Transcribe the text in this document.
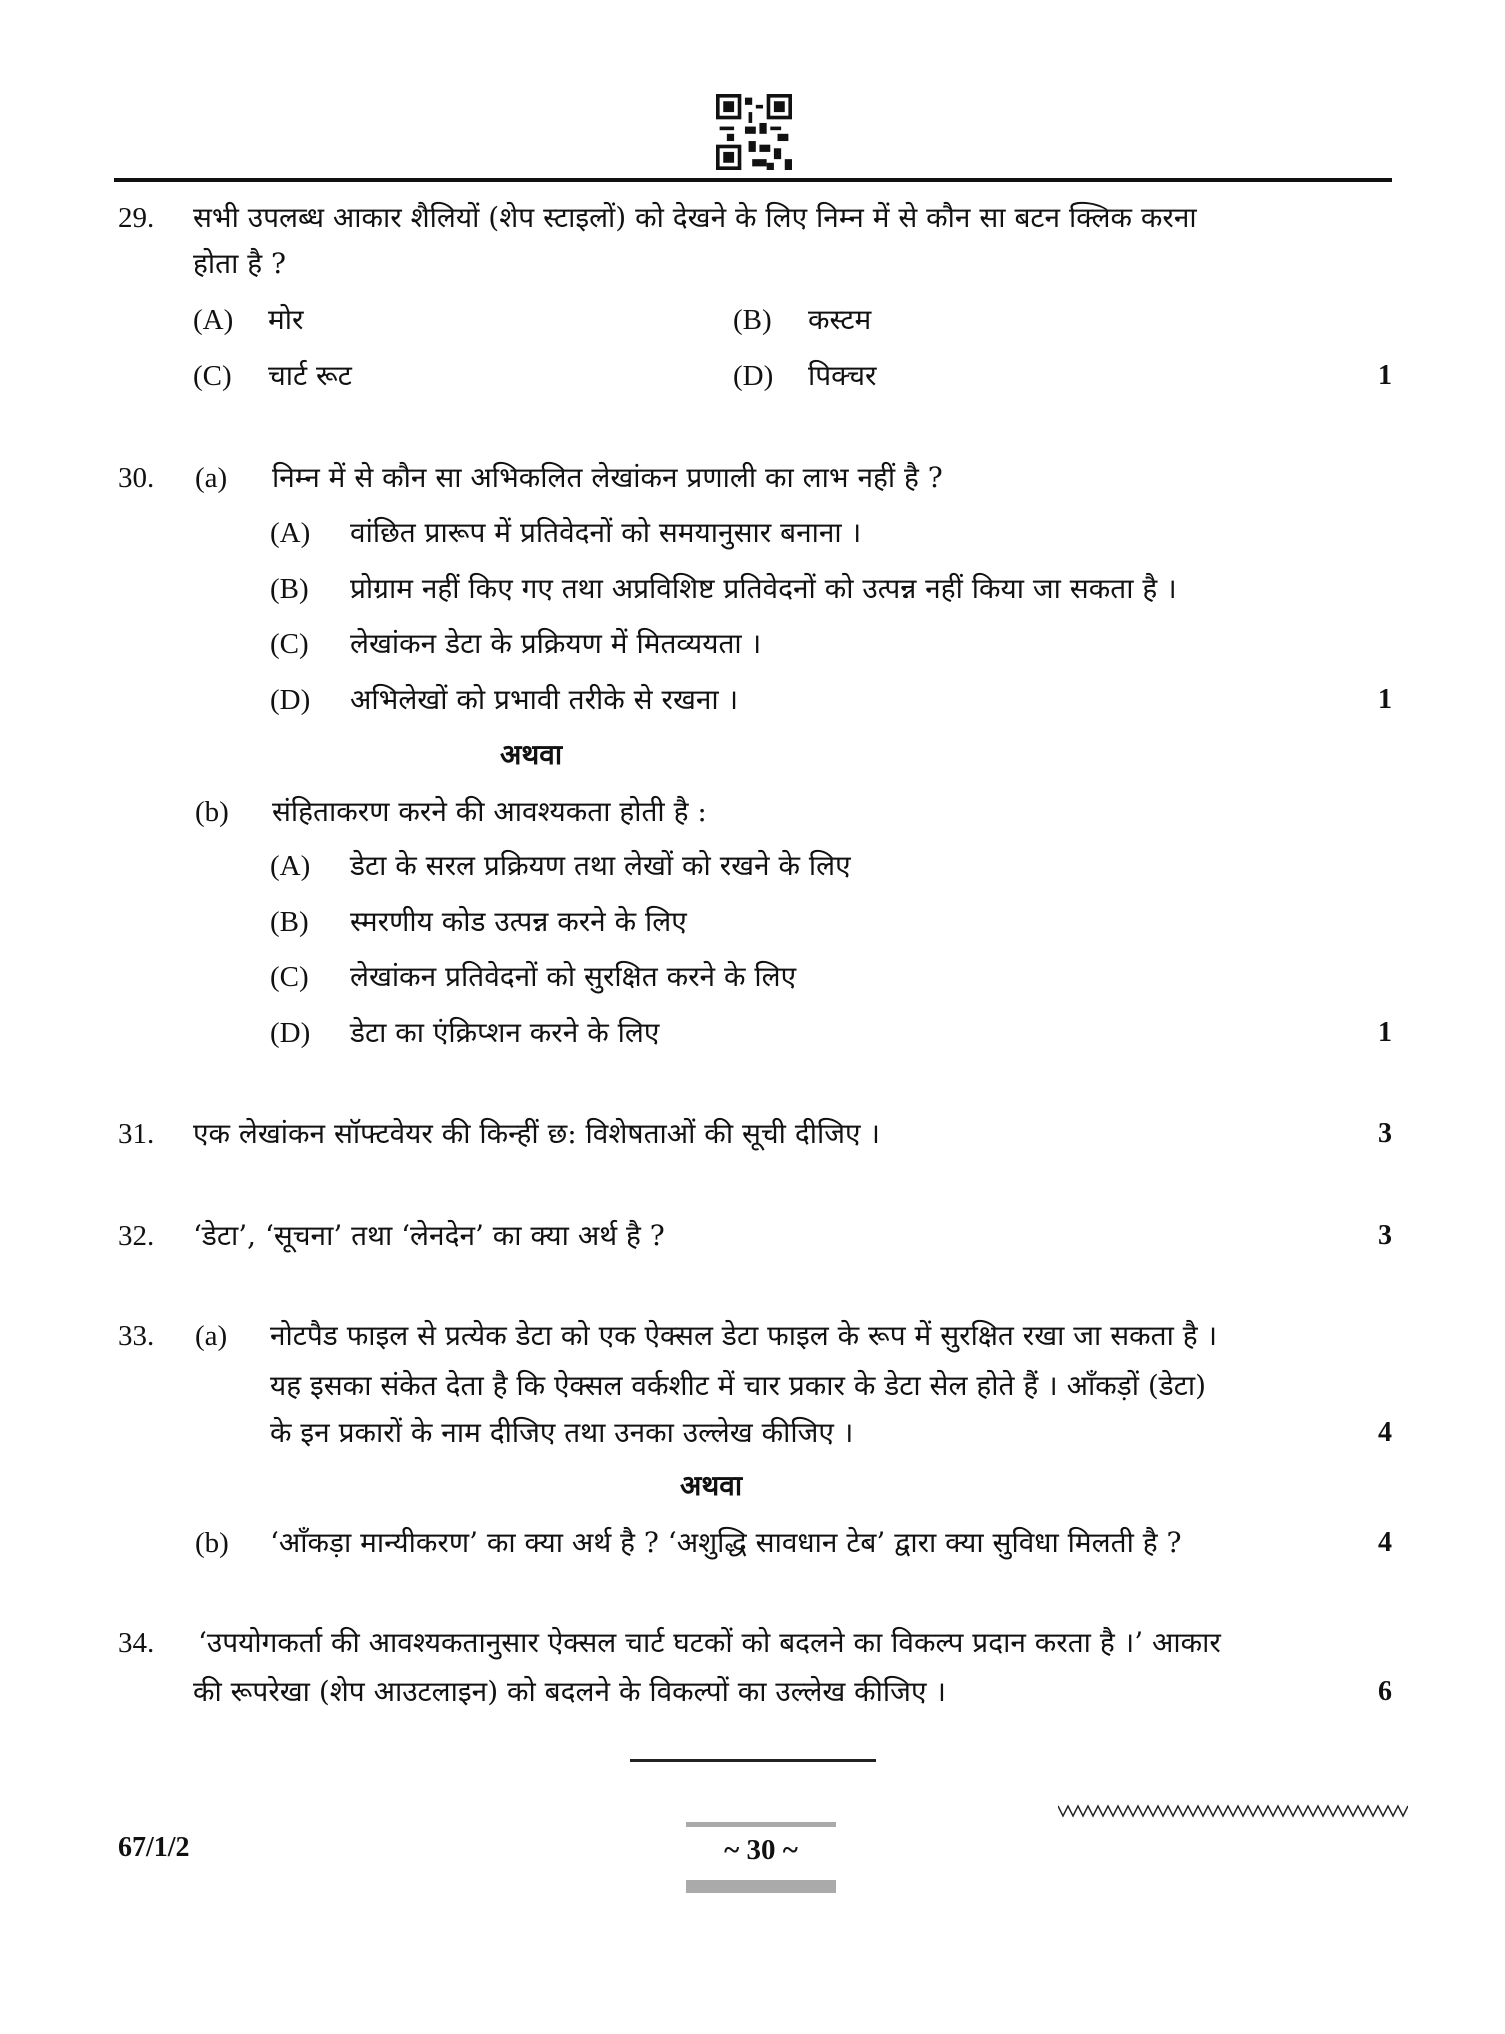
29. सभी उपलब्ध आकार शैलियों (शेप स्टाइलों) को देखने के लिए निम्न में से कौन सा बटन क्लिक करना
होता है ?
(A) मोर	(B) कस्टम
(C) चार्ट रूट	(D) पिक्चर	1
30. (a) निम्न में से कौन सा अभिकलित लेखांकन प्रणाली का लाभ नहीं है ?
(A) वांछित प्रारूप में प्रतिवेदनों को समयानुसार बनाना ।
(B) प्रोग्राम नहीं किए गए तथा अप्रविशिष्ट प्रतिवेदनों को उत्पन्न नहीं किया जा सकता है ।
(C) लेखांकन डेटा के प्रक्रियण में मितव्ययता ।
(D) अभिलेखों को प्रभावी तरीके से रखना ।	1
अथवा
(b) संहिताकरण करने की आवश्यकता होती है :
(A) डेटा के सरल प्रक्रियण तथा लेखों को रखने के लिए
(B) स्मरणीय कोड उत्पन्न करने के लिए
(C) लेखांकन प्रतिवेदनों को सुरक्षित करने के लिए
(D) डेटा का एंक्रिप्शन करने के लिए	1
31. एक लेखांकन सॉफ्टवेयर की किन्हीं छ: विशेषताओं की सूची दीजिए ।	3
32. ‘डेटा’, ‘सूचना’ तथा ‘लेनदेन’ का क्या अर्थ है ?	3
33. (a) नोटपैड फाइल से प्रत्येक डेटा को एक ऐक्सल डेटा फाइल के रूप में सुरक्षित रखा जा सकता है ।
यह इसका संकेत देता है कि ऐक्सल वर्कशीट में चार प्रकार के डेटा सेल होते हैं । आँकड़ों (डेटा)
के इन प्रकारों के नाम दीजिए तथा उनका उल्लेख कीजिए ।	4
अथवा
(b) ‘आँकड़ा मान्यीकरण’ का क्या अर्थ है ? ‘अशुद्धि सावधान टेब’ द्वारा क्या सुविधा मिलती है ?	4
34. ‘उपयोगकर्ता की आवश्यकतानुसार ऐक्सल चार्ट घटकों को बदलने का विकल्प प्रदान करता है ।’ आकार
की रूपरेखा (शेप आउटलाइन) को बदलने के विकल्पों का उल्लेख कीजिए ।	6
67/1/2	~ 30 ~
